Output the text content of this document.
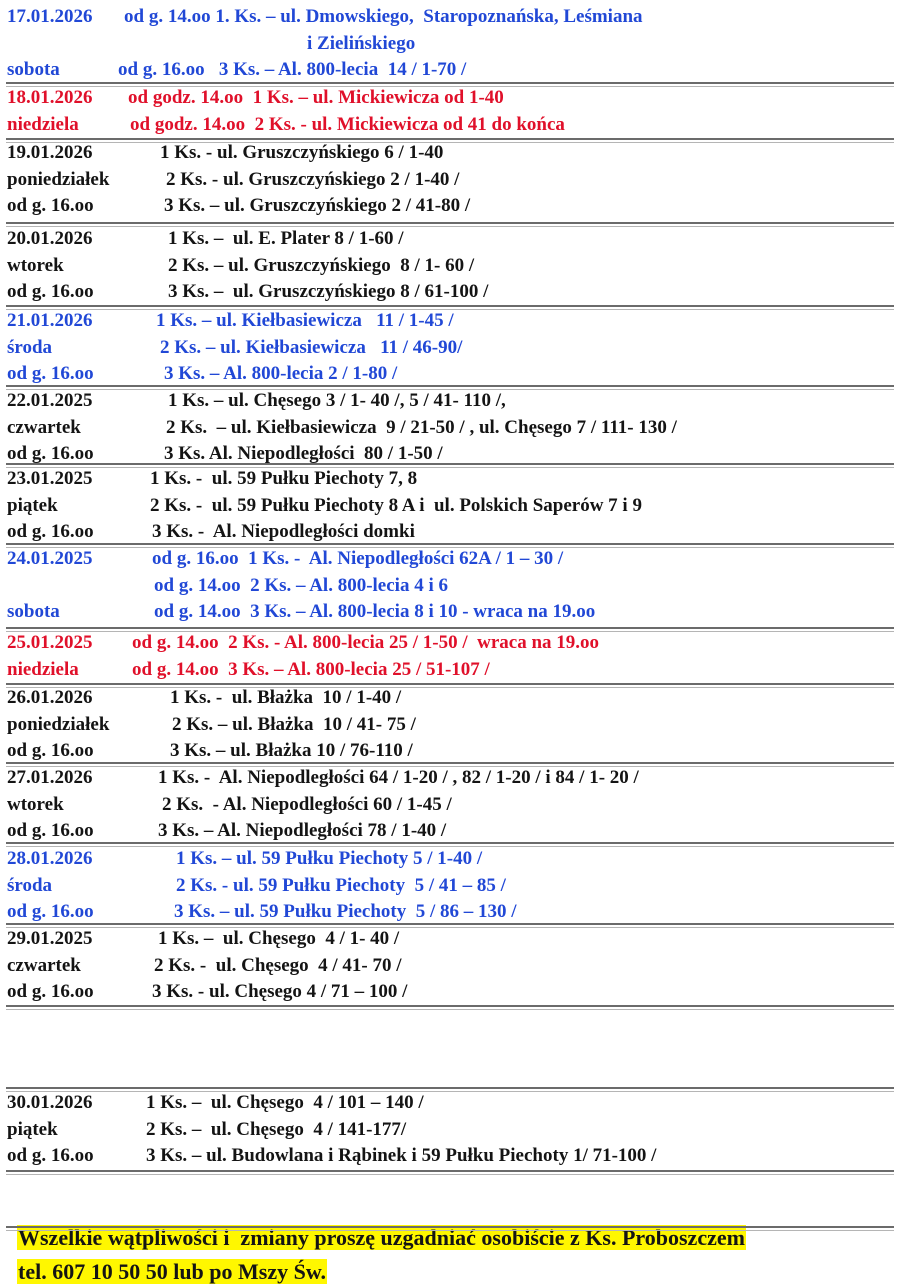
17.01.2026 od g. 14.oo 1. Ks. – ul. Dmowskiego,  Staropoznańska, Leśmiana
i Zielińskiego
sobota	od g. 16.oo   3 Ks. – Al. 800-lecia  14 / 1-70 /
18.01.2026 od godz. 14.oo  1 Ks. – ul. Mickiewicza od 1-40
niedziela	od godz. 14.oo  2 Ks. - ul. Mickiewicza od 41 do końca
19.01.2026	1 Ks. - ul. Gruszczyńskiego 6 / 1-40
poniedziałek	2 Ks. - ul. Gruszczyńskiego 2 / 1-40 /
od g. 16.oo	3 Ks. – ul. Gruszczyńskiego 2 / 41-80 /
20.01.2026	1 Ks. –  ul. E. Plater 8 / 1-60 /
wtorek	2 Ks. – ul. Gruszczyńskiego  8 / 1- 60 /
od g. 16.oo	3 Ks. –  ul. Gruszczyńskiego 8 / 61-100 /
21.01.2026	1 Ks. – ul. Kiełbasiewicza   11 / 1-45 /
środa	2 Ks. – ul. Kiełbasiewicza   11 / 46-90/
od g. 16.oo	3 Ks. – Al. 800-lecia 2 / 1-80 /
22.01.2025	1 Ks. – ul. Chęsego 3 / 1- 40 /, 5 / 41- 110 /,
czwartek	2 Ks.  – ul. Kiełbasiewicza  9 / 21-50 / , ul. Chęsego 7 / 111- 130 /
od g. 16.oo	3 Ks. Al. Niepodległości  80 / 1-50 /
23.01.2025	1 Ks. -  ul. 59 Pułku Piechoty 7, 8
piątek	2 Ks. -  ul. 59 Pułku Piechoty 8 A i  ul. Polskich Saperów 7 i 9
od g. 16.oo	3 Ks. -  Al. Niepodległości domki
24.01.2025	od g. 16.oo  1 Ks. -  Al. Niepodległości 62A / 1 – 30 /
od g. 14.oo  2 Ks. – Al. 800-lecia 4 i 6
sobota	od g. 14.oo  3 Ks. – Al. 800-lecia 8 i 10 - wraca na 19.oo
25.01.2025 od g. 14.oo  2 Ks. - Al. 800-lecia 25 / 1-50 /  wraca na 19.oo
niedziela	od g. 14.oo  3 Ks. – Al. 800-lecia 25 / 51-107 /
26.01.2026	1 Ks. -  ul. Błażka  10 / 1-40 /
poniedziałek	2 Ks. – ul. Błażka  10 / 41- 75 /
od g. 16.oo	3 Ks. – ul. Błażka 10 / 76-110 /
27.01.2026	1 Ks. -  Al. Niepodległości 64 / 1-20 / , 82 / 1-20 / i 84 / 1- 20 /
wtorek	2 Ks.  - Al. Niepodległości 60 / 1-45 /
od g. 16.oo	3 Ks. – Al. Niepodległości 78 / 1-40 /
28.01.2026	1 Ks. – ul. 59 Pułku Piechoty 5 / 1-40 /
środa	2 Ks. - ul. 59 Pułku Piechoty  5 / 41 – 85 /
od g. 16.oo	3 Ks. – ul. 59 Pułku Piechoty  5 / 86 – 130 /
29.01.2025	1 Ks. –  ul. Chęsego  4 / 1- 40 /
czwartek	2 Ks. -  ul. Chęsego  4 / 41- 70 /
od g. 16.oo	3 Ks. - ul. Chęsego 4 / 71 – 100 /
30.01.2026	1 Ks. –  ul. Chęsego  4 / 101 – 140 /
piątek	2 Ks. –  ul. Chęsego  4 / 141-177/
od g. 16.oo	3 Ks. – ul. Budowlana i Rąbinek i 59 Pułku Piechoty 1/ 71-100 /

Wszelkie wątpliwości i  zmiany proszę uzgadniać osobiście z Ks. Proboszczem

tel. 607 10 50 50 lub po Mszy Św.
